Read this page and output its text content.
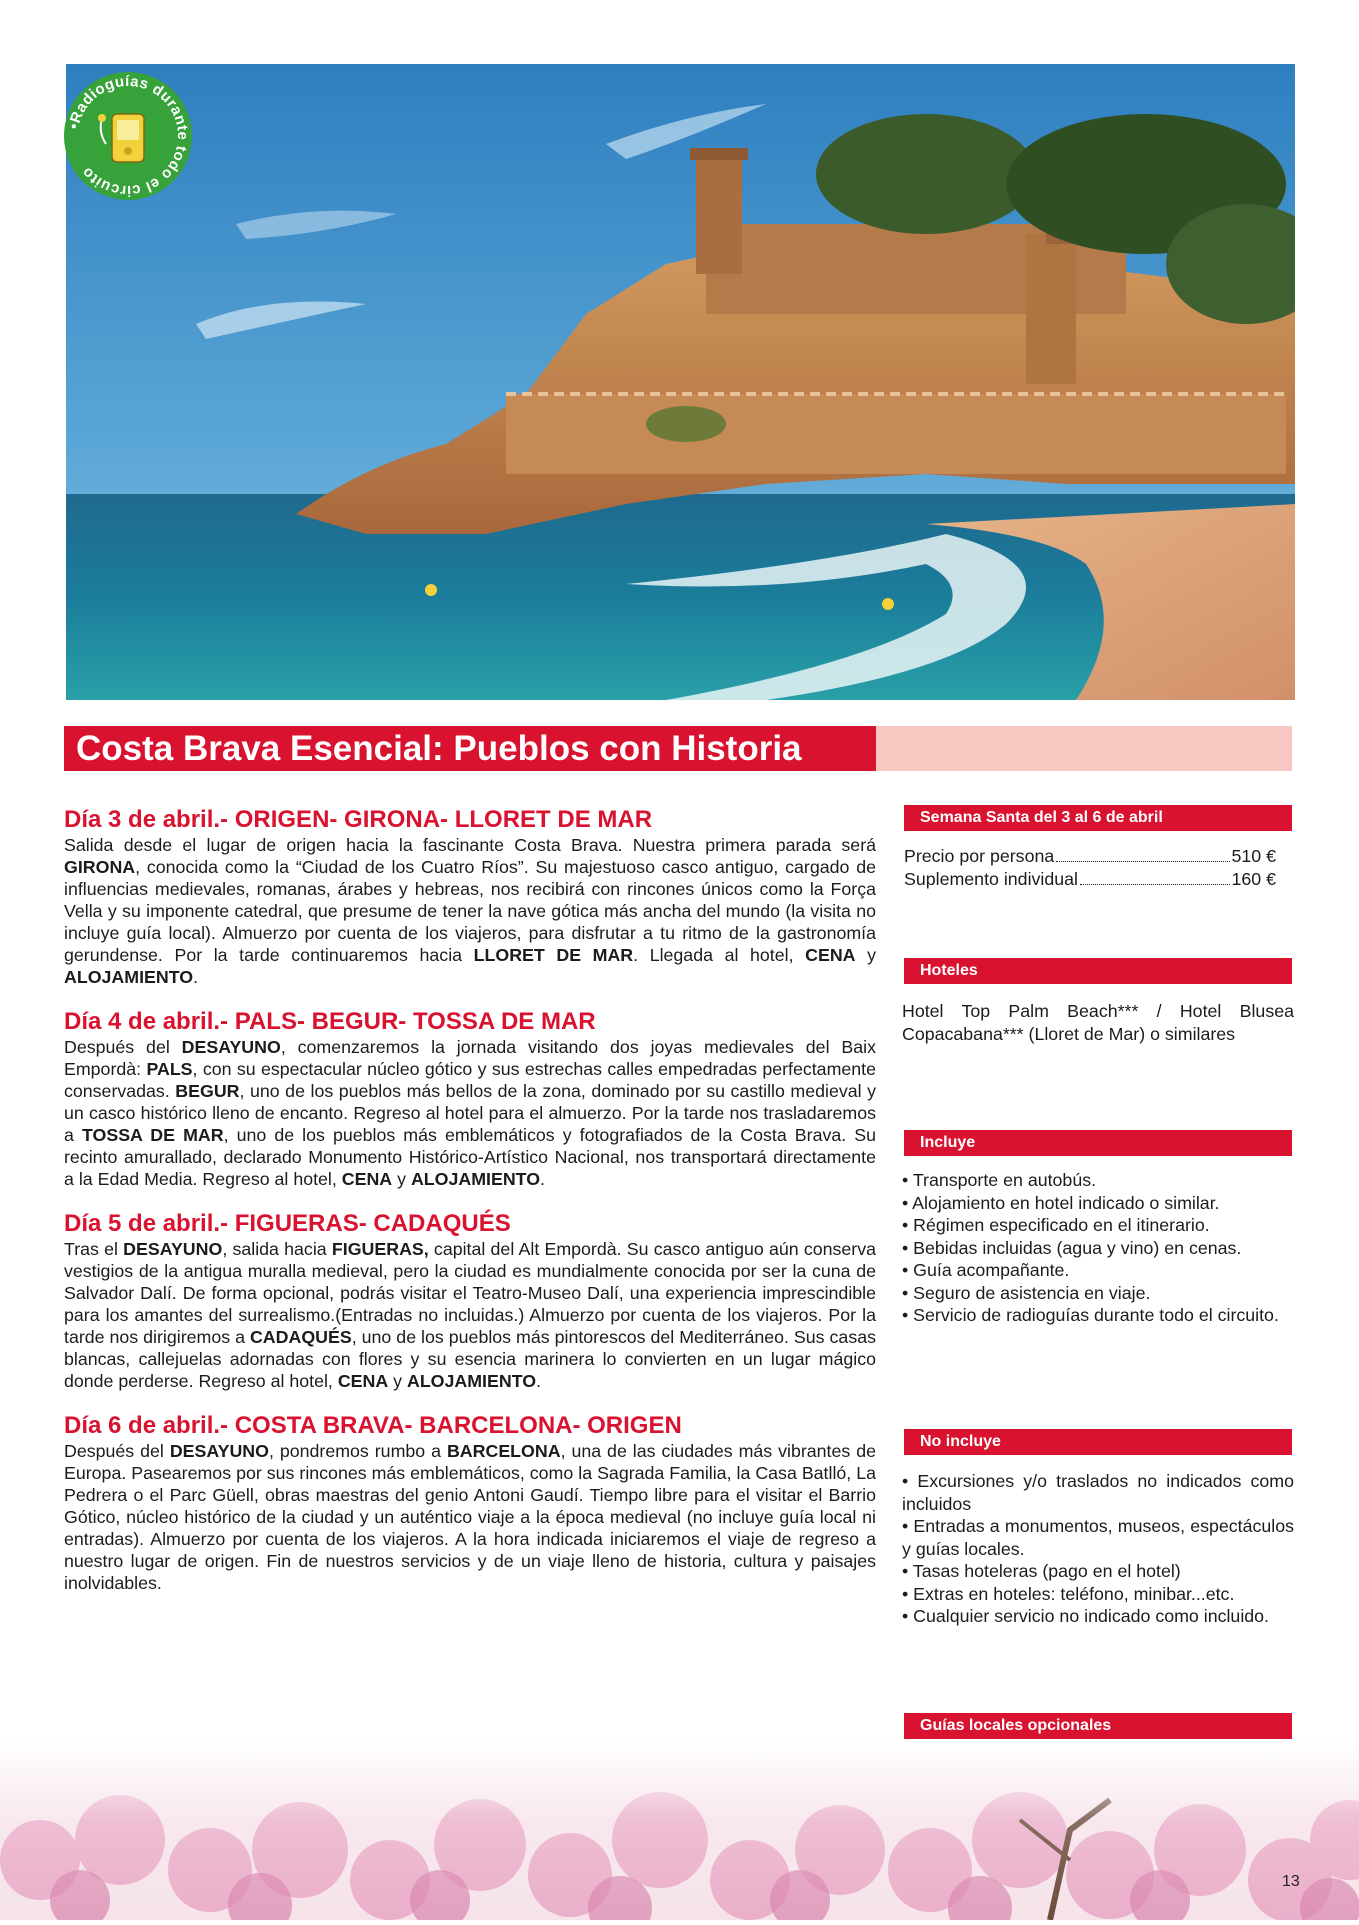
•Radioguías durante todo el circuito
Costa Brava Esencial: Pueblos con Historia
Día 3 de abril.- ORIGEN- GIRONA- LLORET DE MAR

Salida desde el lugar de origen hacia la fascinante Costa Brava. Nuestra primera parada será GIRONA, conocida como la “Ciudad de los Cuatro Ríos”. Su majestuoso casco antiguo, cargado de influencias medievales, romanas, árabes y hebreas, nos recibirá con rincones únicos como la Força Vella y su imponente catedral, que presume de tener la nave gótica más ancha del mundo (la visita no incluye guía local). Almuerzo por cuenta de los viajeros, para disfrutar a tu ritmo de la gastronomía gerundense. Por la tarde continuaremos hacia LLORET DE MAR. Llegada al hotel, CENA y ALOJAMIENTO.

Día 4 de abril.- PALS- BEGUR- TOSSA DE MAR

Después del DESAYUNO, comenzaremos la jornada visitando dos joyas medievales del Baix Empordà: PALS, con su espectacular núcleo gótico y sus estrechas calles empedradas perfectamente conservadas. BEGUR, uno de los pueblos más bellos de la zona, dominado por su castillo medieval y un casco histórico lleno de encanto. Regreso al hotel para el almuerzo. Por la tarde nos trasladaremos a TOSSA DE MAR, uno de los pueblos más emblemáticos y fotografiados de la Costa Brava. Su recinto amurallado, declarado Monumento Histórico-Artístico Nacional, nos transportará directamente a la Edad Media. Regreso al hotel, CENA y ALOJAMIENTO.

Día 5 de abril.- FIGUERAS- CADAQUÉS

Tras el DESAYUNO, salida hacia FIGUERAS, capital del Alt Empordà. Su casco antiguo aún conserva vestigios de la antigua muralla medieval, pero la ciudad es mundialmente conocida por ser la cuna de Salvador Dalí. De forma opcional, podrás visitar el Teatro-Museo Dalí, una experiencia imprescindible para los amantes del surrealismo.(Entradas no incluidas.) Almuerzo por cuenta de los viajeros. Por la tarde nos dirigiremos a CADAQUÉS, uno de los pueblos más pintorescos del Mediterráneo. Sus casas blancas, callejuelas adornadas con flores y su esencia marinera lo convierten en un lugar mágico donde perderse. Regreso al hotel, CENA y ALOJAMIENTO.

Día 6 de abril.- COSTA BRAVA- BARCELONA- ORIGEN

Después del DESAYUNO, pondremos rumbo a BARCELONA, una de las ciudades más vibrantes de Europa. Pasearemos por sus rincones más emblemáticos, como la Sagrada Familia, la Casa Batlló, La Pedrera o el Parc Güell, obras maestras del genio Antoni Gaudí. Tiempo libre para el visitar el Barrio Gótico, núcleo histórico de la ciudad y un auténtico viaje a la época medieval (no incluye guía local ni entradas). Almuerzo por cuenta de los viajeros. A la hora indicada iniciaremos el viaje de regreso a nuestro lugar de origen. Fin de nuestros servicios y de un viaje lleno de historia, cultura y paisajes inolvidables.

Semana Santa del 3 al 6 de abril
Precio por persona	510 €
Suplemento individual	160 €
Hoteles

Hotel Top Palm Beach*** / Hotel Blusea Copacabana*** (Lloret de Mar) o similares

Incluye

• Transporte en autobús.

• Alojamiento en hotel indicado o similar.

• Régimen especificado en el itinerario.

• Bebidas incluidas (agua y vino) en cenas.

• Guía acompañante.

• Seguro de asistencia en viaje.

• Servicio de radioguías durante todo el circuito.

No incluye

• Excursiones y/o traslados no indicados como incluidos

• Entradas a monumentos, museos, espectáculos y guías locales.

• Tasas hoteleras (pago en el hotel)

• Extras en hoteles: teléfono, minibar...etc.

• Cualquier servicio no indicado como incluido.

Guías locales opcionales
13
